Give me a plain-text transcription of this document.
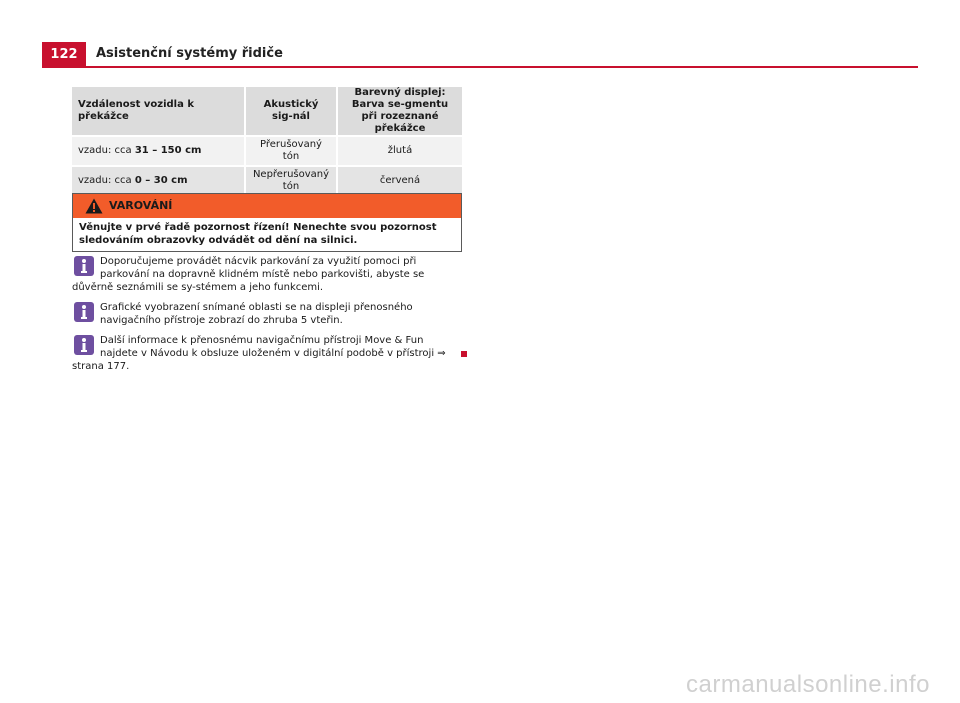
122	Asistenční systémy řidiče
Vzdálenost vozidla k překážce	Akustický sig-nál	Barevný displej: Barva se-gmentu při rozeznané překážce
vzadu: cca 31 – 150 cm	Přerušovaný tón	žlutá
vzadu: cca 0 – 30 cm	Nepřerušovaný tón	červená
VAROVÁNÍ
Věnujte v prvé řadě pozornost řízení! Nenechte svou pozornost sledováním obrazovky odvádět od dění na silnici.
Doporučujeme provádět nácvik parkování za využití pomoci při parkování na dopravně klidném místě nebo parkovišti, abyste se důvěrně seznámili se sy-stémem a jeho funkcemi.
Grafické vyobrazení snímané oblasti se na displeji přenosného navigačního přístroje zobrazí do zhruba 5 vteřin.
Další informace k přenosnému navigačnímu přístroji Move & Fun najdete v Návodu k obsluze uloženém v digitální podobě v přístroji ⇒ strana 177.
carmanualsonline.info
